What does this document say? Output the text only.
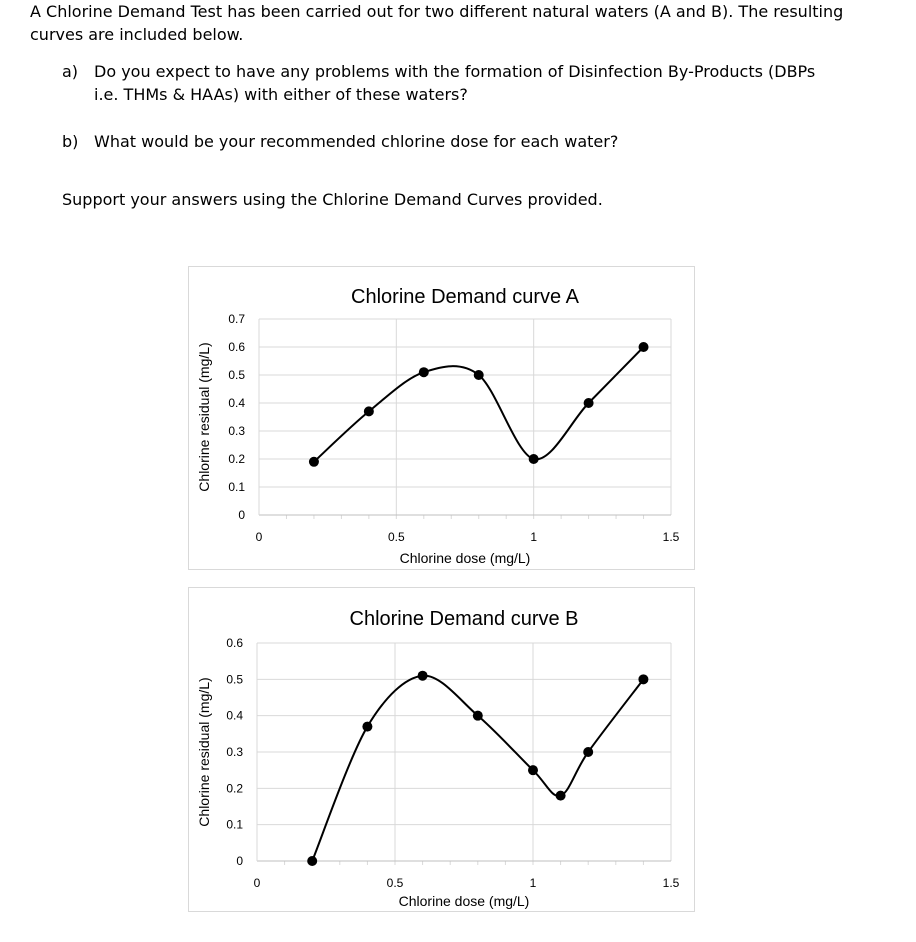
A Chlorine Demand Test has been carried out for two different natural waters (A and B). The resulting curves are included below.
a) Do you expect to have any problems with the formation of Disinfection By-Products (DBPs i.e. THMs & HAAs) with either of these waters?
b) What would be your recommended chlorine dose for each water?
Support your answers using the Chlorine Demand Curves provided.
0
0.1
0.2
0.3
0.4
0.5
0.6
0.7
0	0.5	1	1.5
Chlorine Demand curve A
Chlorine dose (mg/L)
Chlorine residual (mg/L)
0
0.1
0.2
0.3
0.4
0.5
0.6
0	0.5	1	1.5
Chlorine Demand curve B
Chlorine dose (mg/L)
Chlorine residual (mg/L)
